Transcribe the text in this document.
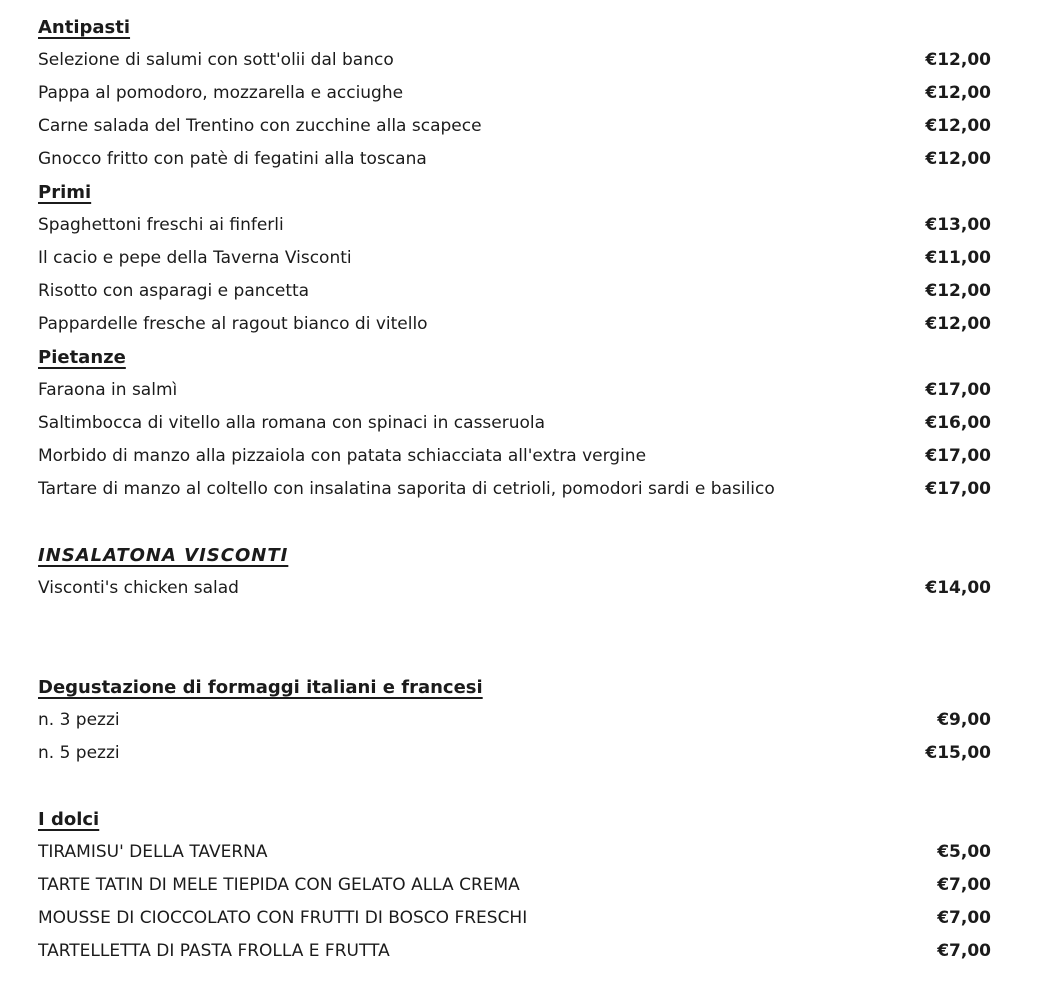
Antipasti
Selezione di salumi con sott'olii dal banco	€12,00
Pappa al pomodoro, mozzarella e acciughe	€12,00
Carne salada del Trentino con zucchine alla scapece	€12,00
Gnocco fritto con patè di fegatini alla toscana	€12,00
Primi
Spaghettoni freschi ai finferli	€13,00
Il cacio e pepe della Taverna Visconti	€11,00
Risotto con asparagi e pancetta	€12,00
Pappardelle fresche al ragout bianco di vitello	€12,00
Pietanze
Faraona in salmì	€17,00
Saltimbocca di vitello alla romana con spinaci in casseruola	€16,00
Morbido di manzo alla pizzaiola con patata schiacciata all'extra vergine	€17,00
Tartare di manzo al coltello con insalatina saporita di cetrioli, pomodori sardi e basilico	€17,00
INSALATONA VISCONTI
Visconti's chicken salad	€14,00
Degustazione di formaggi italiani e francesi
n. 3 pezzi	€9,00
n. 5 pezzi	€15,00
I dolci
TIRAMISU' DELLA TAVERNA	€5,00
TARTE TATIN DI MELE TIEPIDA CON GELATO ALLA CREMA	€7,00
MOUSSE DI CIOCCOLATO CON FRUTTI DI BOSCO FRESCHI	€7,00
TARTELLETTA DI PASTA FROLLA E FRUTTA	€7,00
